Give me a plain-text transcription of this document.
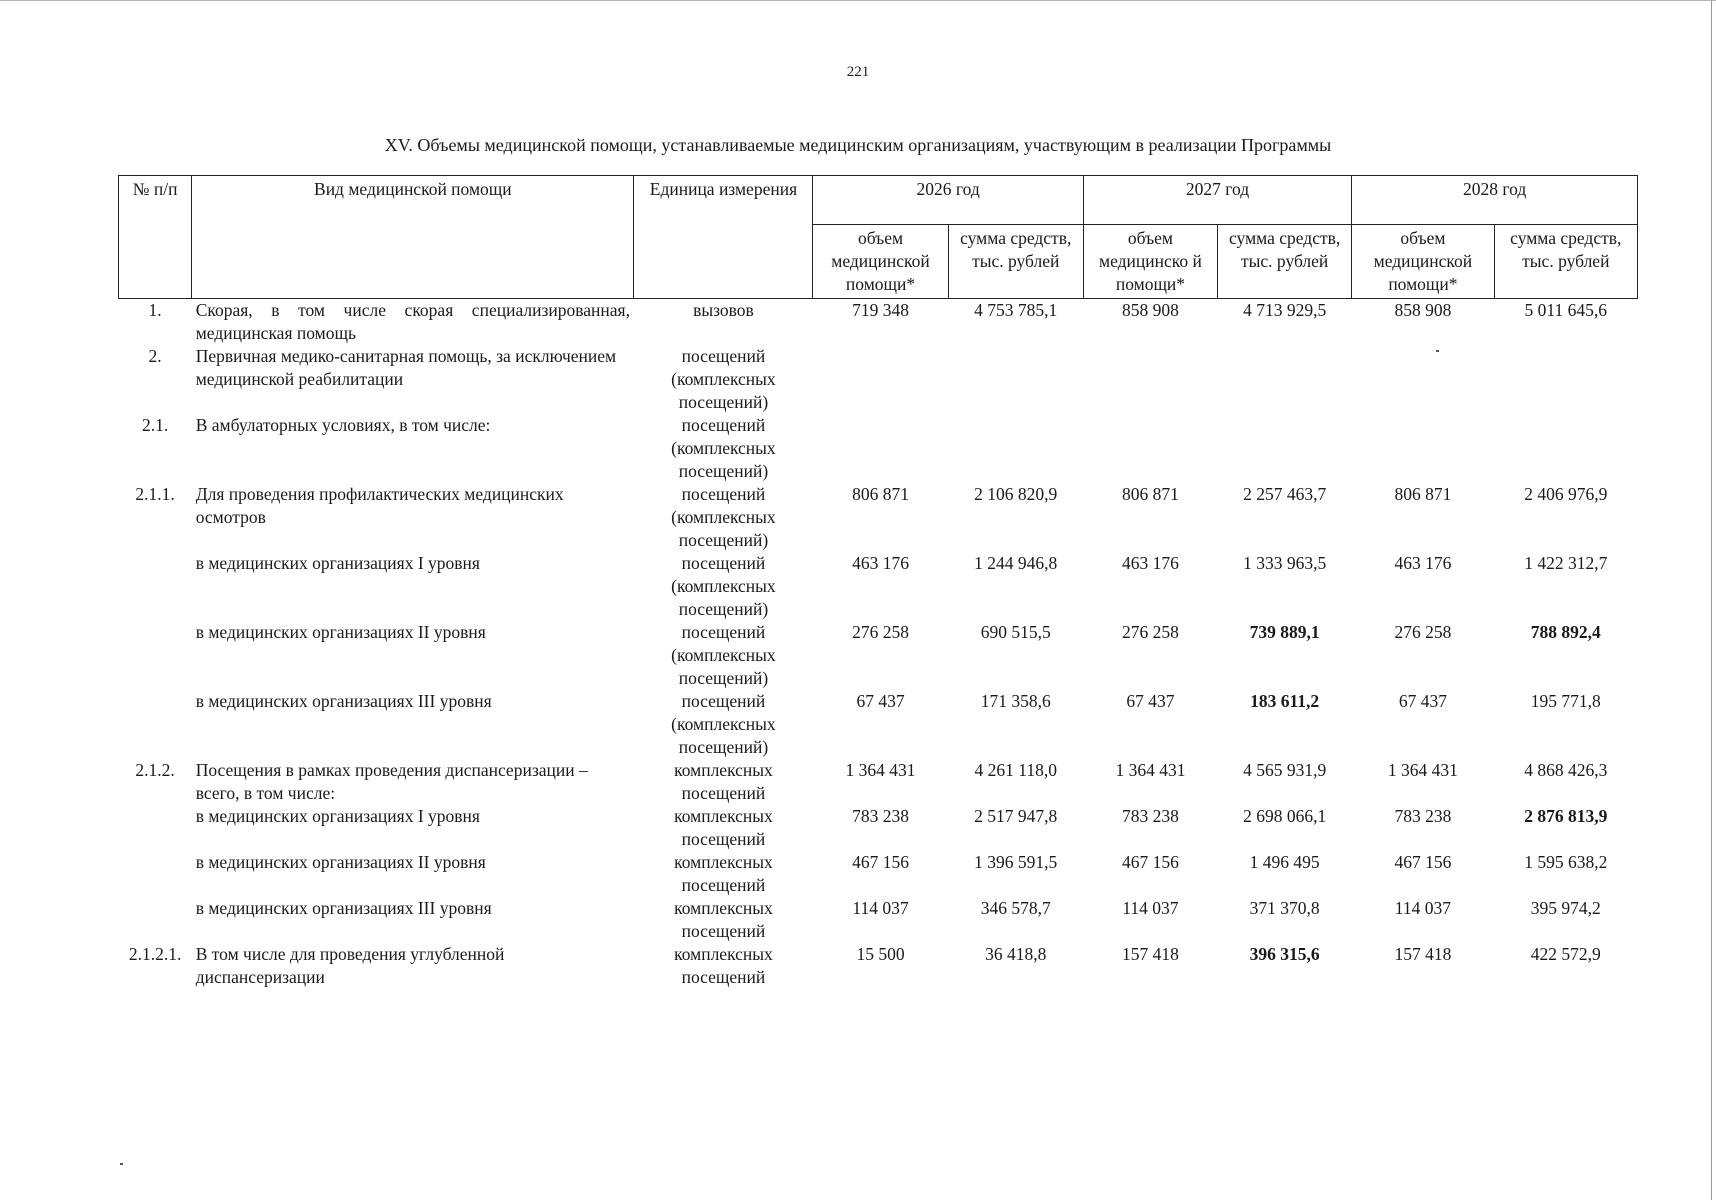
221
XV. Объемы медицинской помощи, устанавливаемые медицинским организациям, участвующим в реализации Программы
№ п/п	Вид медицинской помощи	Единица измерения	2026 год		2027 год		2028 год	
			объем медицинской помощи*	сумма средств, тыс. рублей	объем медицинско й помощи*	сумма средств, тыс. рублей	объем медицинской помощи*	сумма средств, тыс. рублей
1.	Скорая, в том числе скорая специализированная, медицинская помощь	вызовов	719 348	4 753 785,1	858 908	4 713 929,5	858 908	5 011 645,6
2.	Первичная медико-санитарная помощь, за исключением медицинской реабилитации	посещений (комплексных посещений)						
2.1.	В амбулаторных условиях, в том числе:	посещений (комплексных посещений)						
2.1.1.	Для проведения профилактических медицинских осмотров	посещений (комплексных посещений)	806 871	2 106 820,9	806 871	2 257 463,7	806 871	2 406 976,9
	в медицинских организациях I уровня	посещений (комплексных посещений)	463 176	1 244 946,8	463 176	1 333 963,5	463 176	1 422 312,7
	в медицинских организациях II уровня	посещений (комплексных посещений)	276 258	690 515,5	276 258	739 889,1	276 258	788 892,4
	в медицинских организациях III уровня	посещений (комплексных посещений)	67 437	171 358,6	67 437	183 611,2	67 437	195 771,8
2.1.2.	Посещения в рамках проведения диспансеризации – всего, в том числе:	комплексных посещений	1 364 431	4 261 118,0	1 364 431	4 565 931,9	1 364 431	4 868 426,3
	в медицинских организациях I уровня	комплексных посещений	783 238	2 517 947,8	783 238	2 698 066,1	783 238	2 876 813,9
	в медицинских организациях II уровня	комплексных посещений	467 156	1 396 591,5	467 156	1 496 495	467 156	1 595 638,2
	в медицинских организациях III уровня	комплексных посещений	114 037	346 578,7	114 037	371 370,8	114 037	395 974,2
2.1.2.1.	В том числе для проведения углубленной диспансеризации	комплексных посещений	15 500	36 418,8	157 418	396 315,6	157 418	422 572,9
